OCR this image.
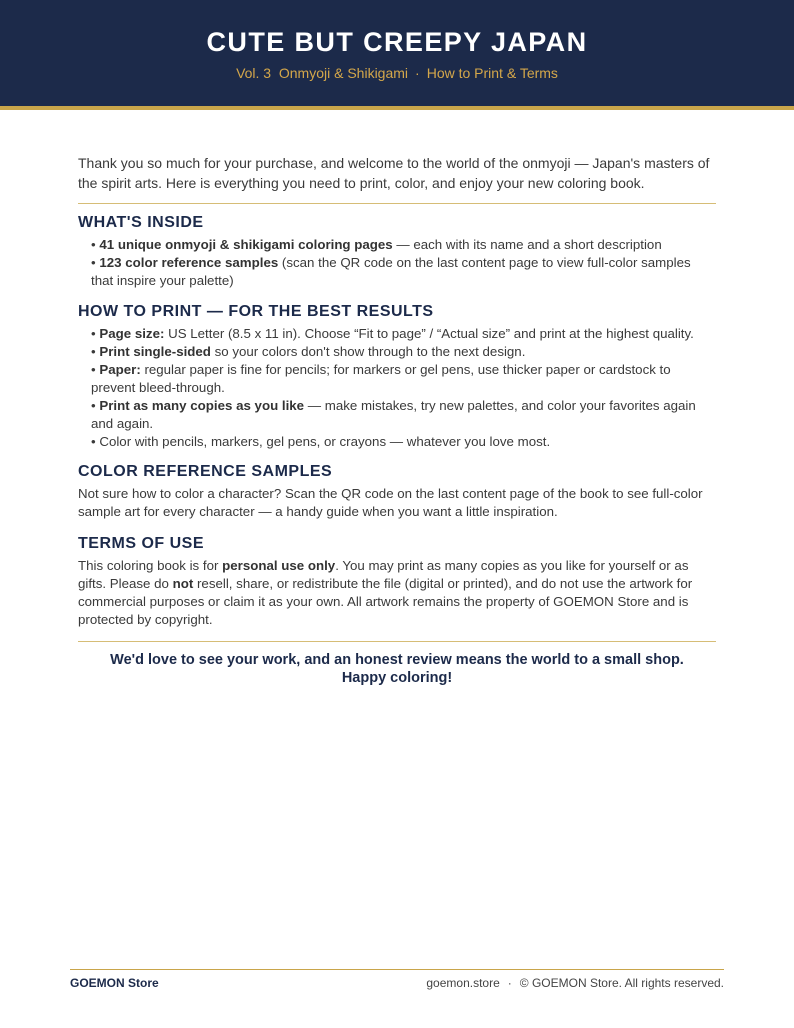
CUTE BUT CREEPY JAPAN
Vol. 3  Onmyoji & Shikigami · How to Print & Terms

Thank you so much for your purchase, and welcome to the world of the onmyoji — Japan's masters of the spirit arts. Here is everything you need to print, color, and enjoy your new coloring book.

WHAT'S INSIDE
• 41 unique onmyoji & shikigami coloring pages — each with its name and a short description
• 123 color reference samples (scan the QR code on the last content page to view full-color samples that inspire your palette)
HOW TO PRINT — FOR THE BEST RESULTS
• Page size: US Letter (8.5 x 11 in). Choose “Fit to page” / “Actual size” and print at the highest quality.
• Print single-sided so your colors don't show through to the next design.
• Paper: regular paper is fine for pencils; for markers or gel pens, use thicker paper or cardstock to prevent bleed-through.
• Print as many copies as you like — make mistakes, try new palettes, and color your favorites again and again.
• Color with pencils, markers, gel pens, or crayons — whatever you love most.
COLOR REFERENCE SAMPLES

Not sure how to color a character? Scan the QR code on the last content page of the book to see full-color sample art for every character — a handy guide when you want a little inspiration.

TERMS OF USE

This coloring book is for personal use only. You may print as many copies as you like for yourself or as gifts. Please do not resell, share, or redistribute the file (digital or printed), and do not use the artwork for commercial purposes or claim it as your own. All artwork remains the property of GOEMON Store and is protected by copyright.

We'd love to see your work, and an honest review means the world to a small shop.
Happy coloring!
GOEMON Store	goemon.store · © GOEMON Store. All rights reserved.
